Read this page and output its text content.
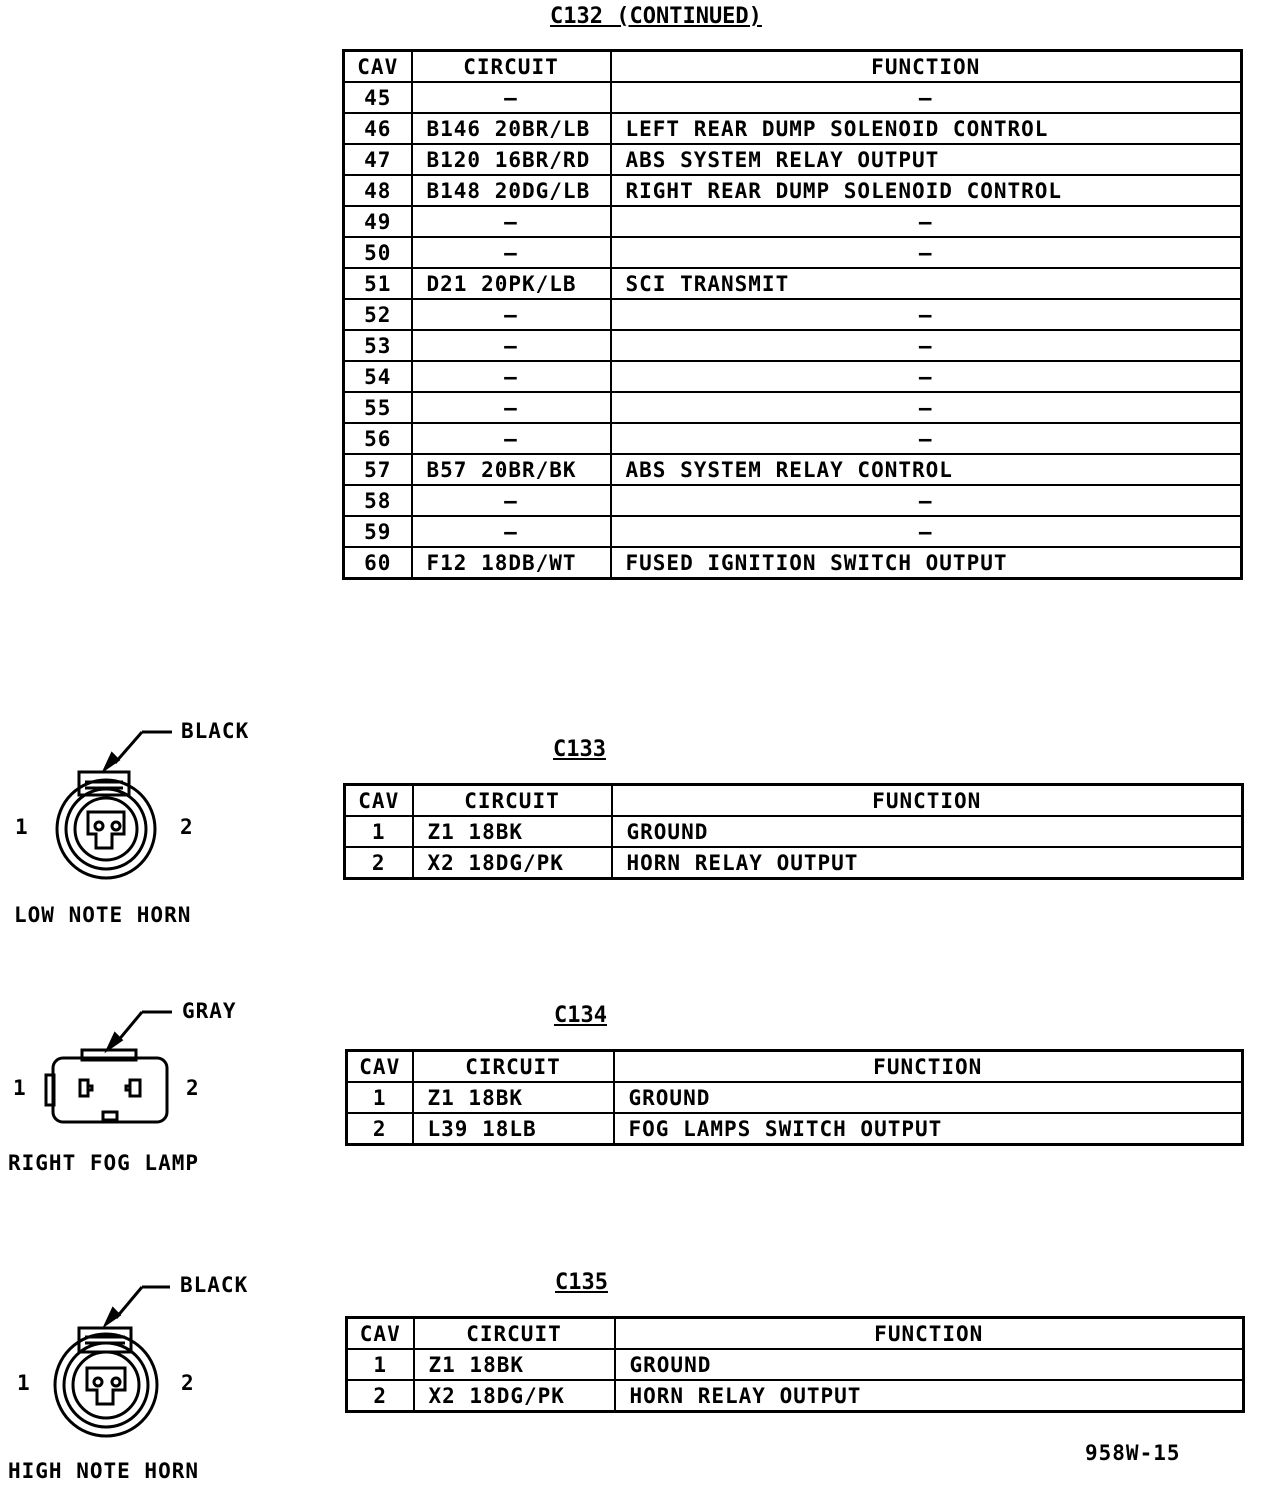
C132 (CONTINUED)
CAV	CIRCUIT	FUNCTION
45	–	–
46	B146 20BR/LB	LEFT REAR DUMP SOLENOID CONTROL
47	B120 16BR/RD	ABS SYSTEM RELAY OUTPUT
48	B148 20DG/LB	RIGHT REAR DUMP SOLENOID CONTROL
49	–	–
50	–	–
51	D21 20PK/LB	SCI TRANSMIT
52	–	–
53	–	–
54	–	–
55	–	–
56	–	–
57	B57 20BR/BK	ABS SYSTEM RELAY CONTROL
58	–	–
59	–	–
60	F12 18DB/WT	FUSED IGNITION SWITCH OUTPUT
C133
CAV	CIRCUIT	FUNCTION
1	Z1 18BK	GROUND
2	X2 18DG/PK	HORN RELAY OUTPUT
C134
CAV	CIRCUIT	FUNCTION
1	Z1 18BK	GROUND
2	L39 18LB	FOG LAMPS SWITCH OUTPUT
C135
CAV	CIRCUIT	FUNCTION
1	Z1 18BK	GROUND
2	X2 18DG/PK	HORN RELAY OUTPUT
BLACK
1	2
LOW NOTE HORN
GRAY
1	2
RIGHT FOG LAMP
BLACK
1	2
HIGH NOTE HORN
958W-15
